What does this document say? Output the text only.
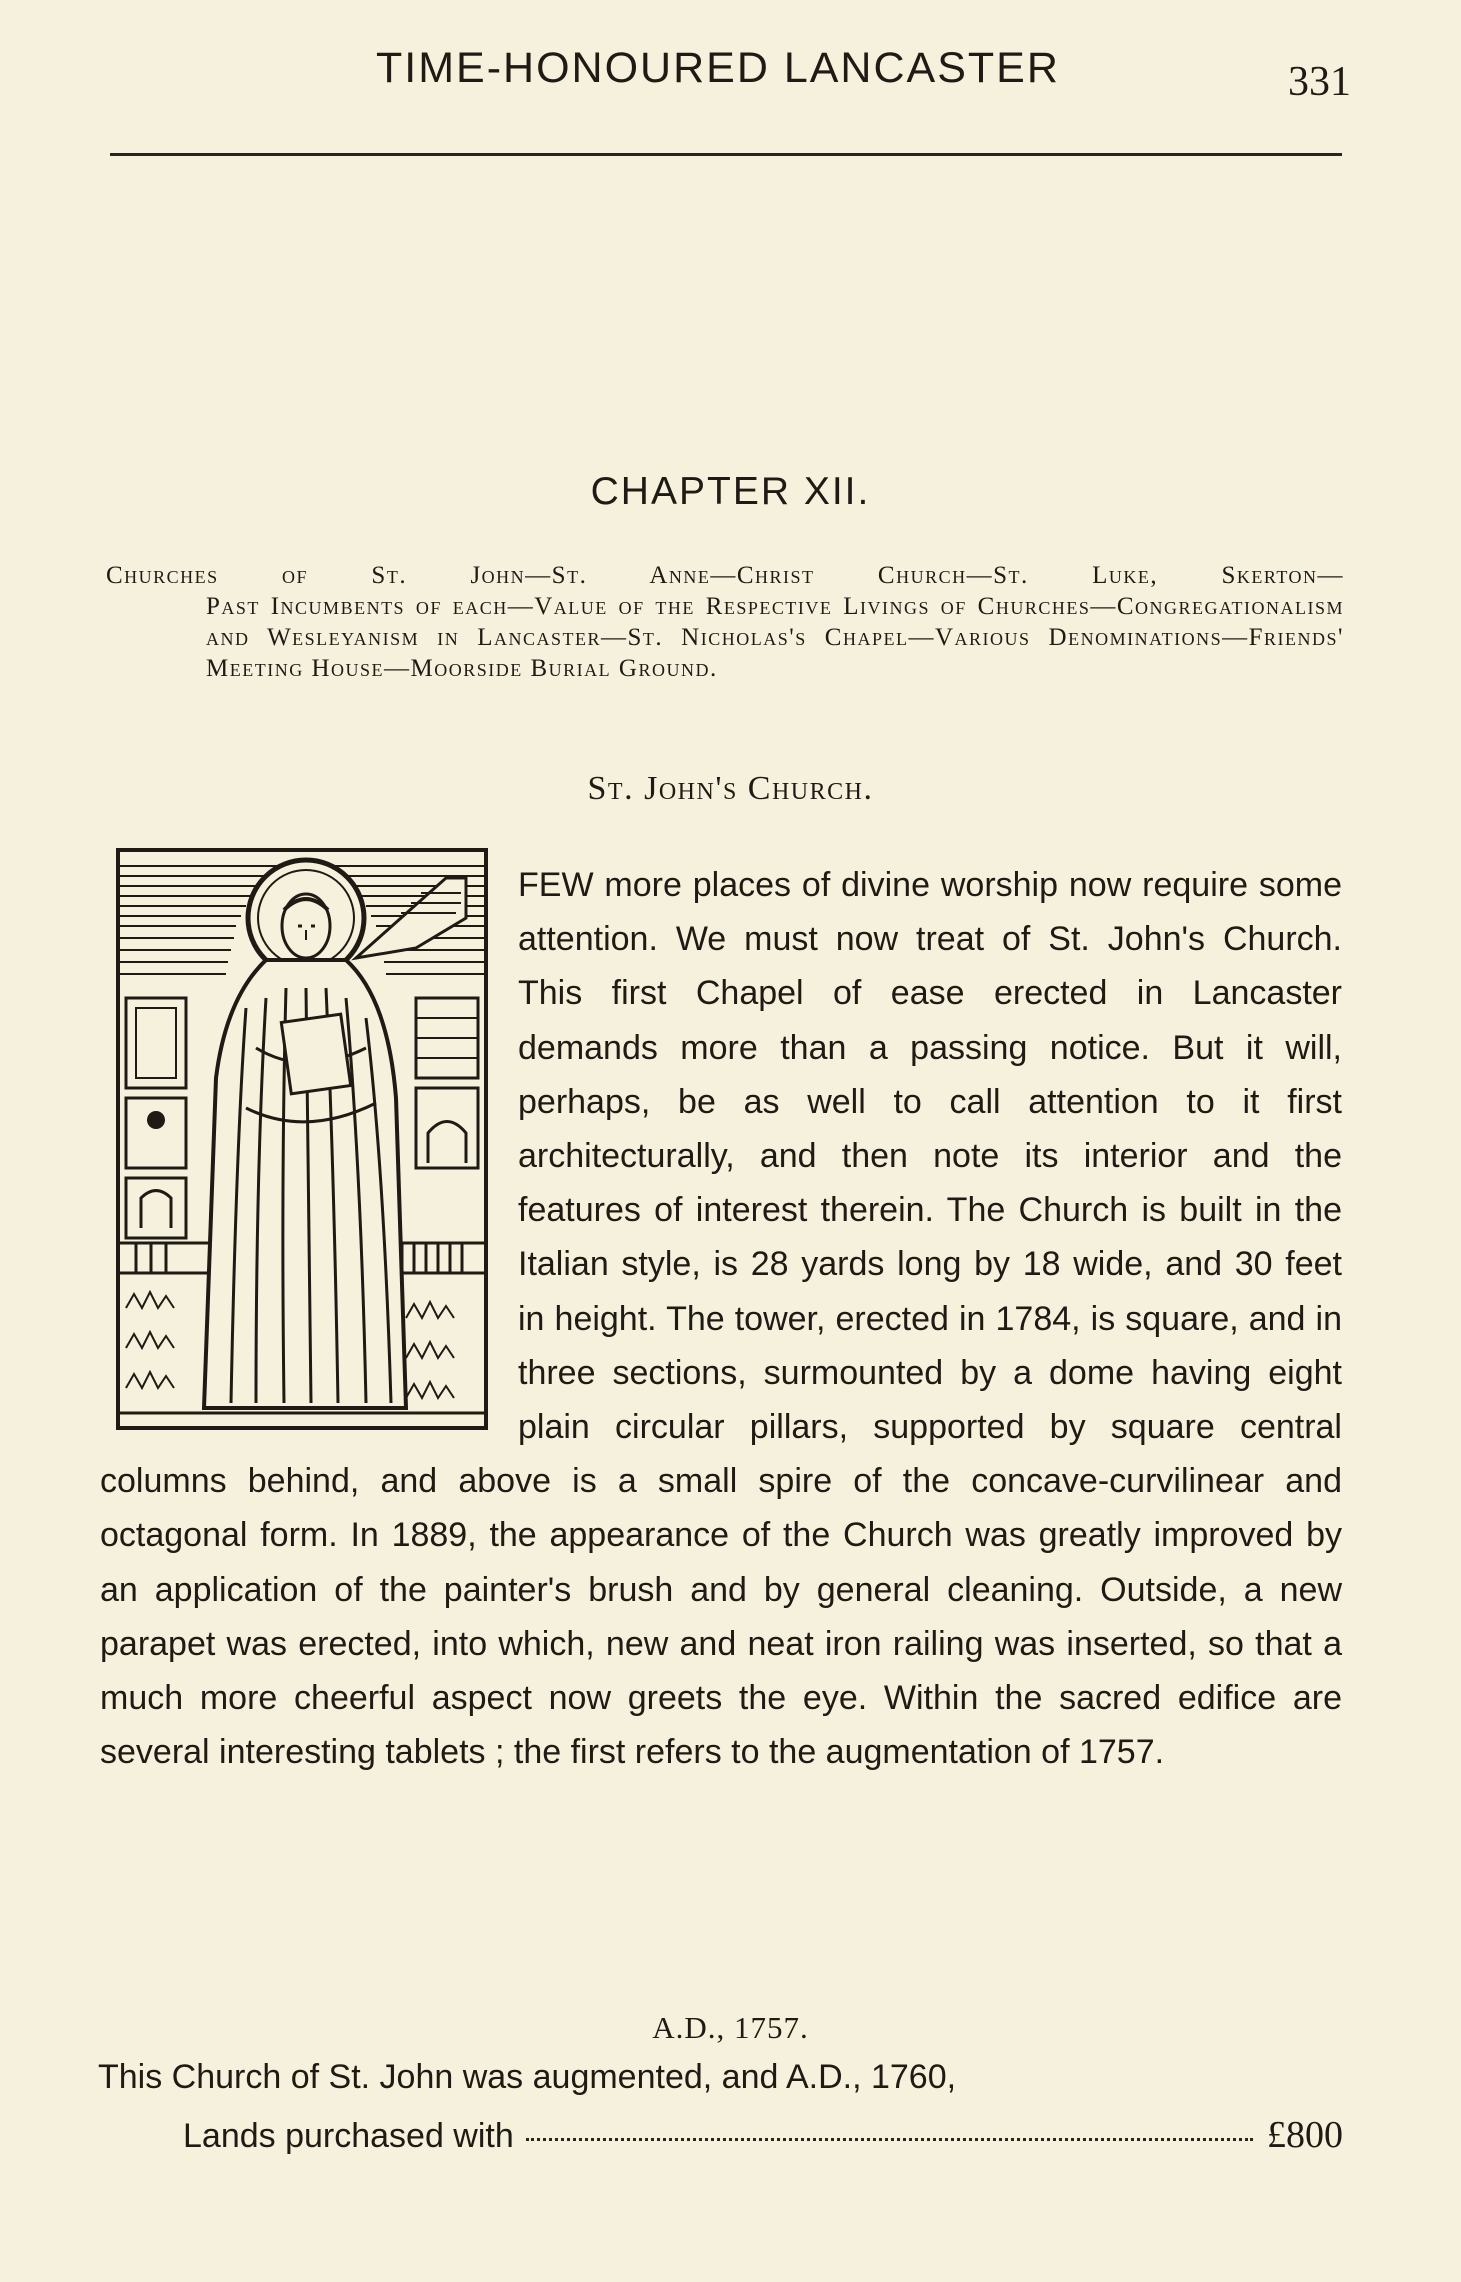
TIME-HONOURED LANCASTER	331
CHAPTER XII.
Churches of St. John—St. Anne—Christ Church—St. Luke, Skerton—
Past Incumbents of each—Value of the Respective Livings of Churches—Congregationalism and Wesleyanism in Lancaster—St. Nicholas's Chapel—Various Denominations—Friends' Meeting House—Moorside Burial Ground.
St. John's Church.
FEW more places of divine worship now require some attention. We must now treat of St. John's Church. This first Chapel of ease erected in Lancaster demands more than a passing notice. But it will, perhaps, be as well to call attention to it first architecturally, and then note its interior and the features of interest therein. The Church is built in the Italian style, is 28 yards long by 18 wide, and 30 feet in height. The tower, erected in 1784, is square, and in three sections, surmounted by a dome having eight plain circular pillars, supported by square central columns behind, and above is a small spire of the concave-curvilinear and octagonal form. In 1889, the appearance of the Church was greatly improved by an application of the painter's brush and by general cleaning. Outside, a new parapet was erected, into which, new and neat iron railing was inserted, so that a much more cheerful aspect now greets the eye. Within the sacred edifice are several interesting tablets ; the first refers to the augmentation of 1757.
A.D., 1757.
This Church of St. John was augmented, and A.D., 1760,
Lands purchased with	£800
